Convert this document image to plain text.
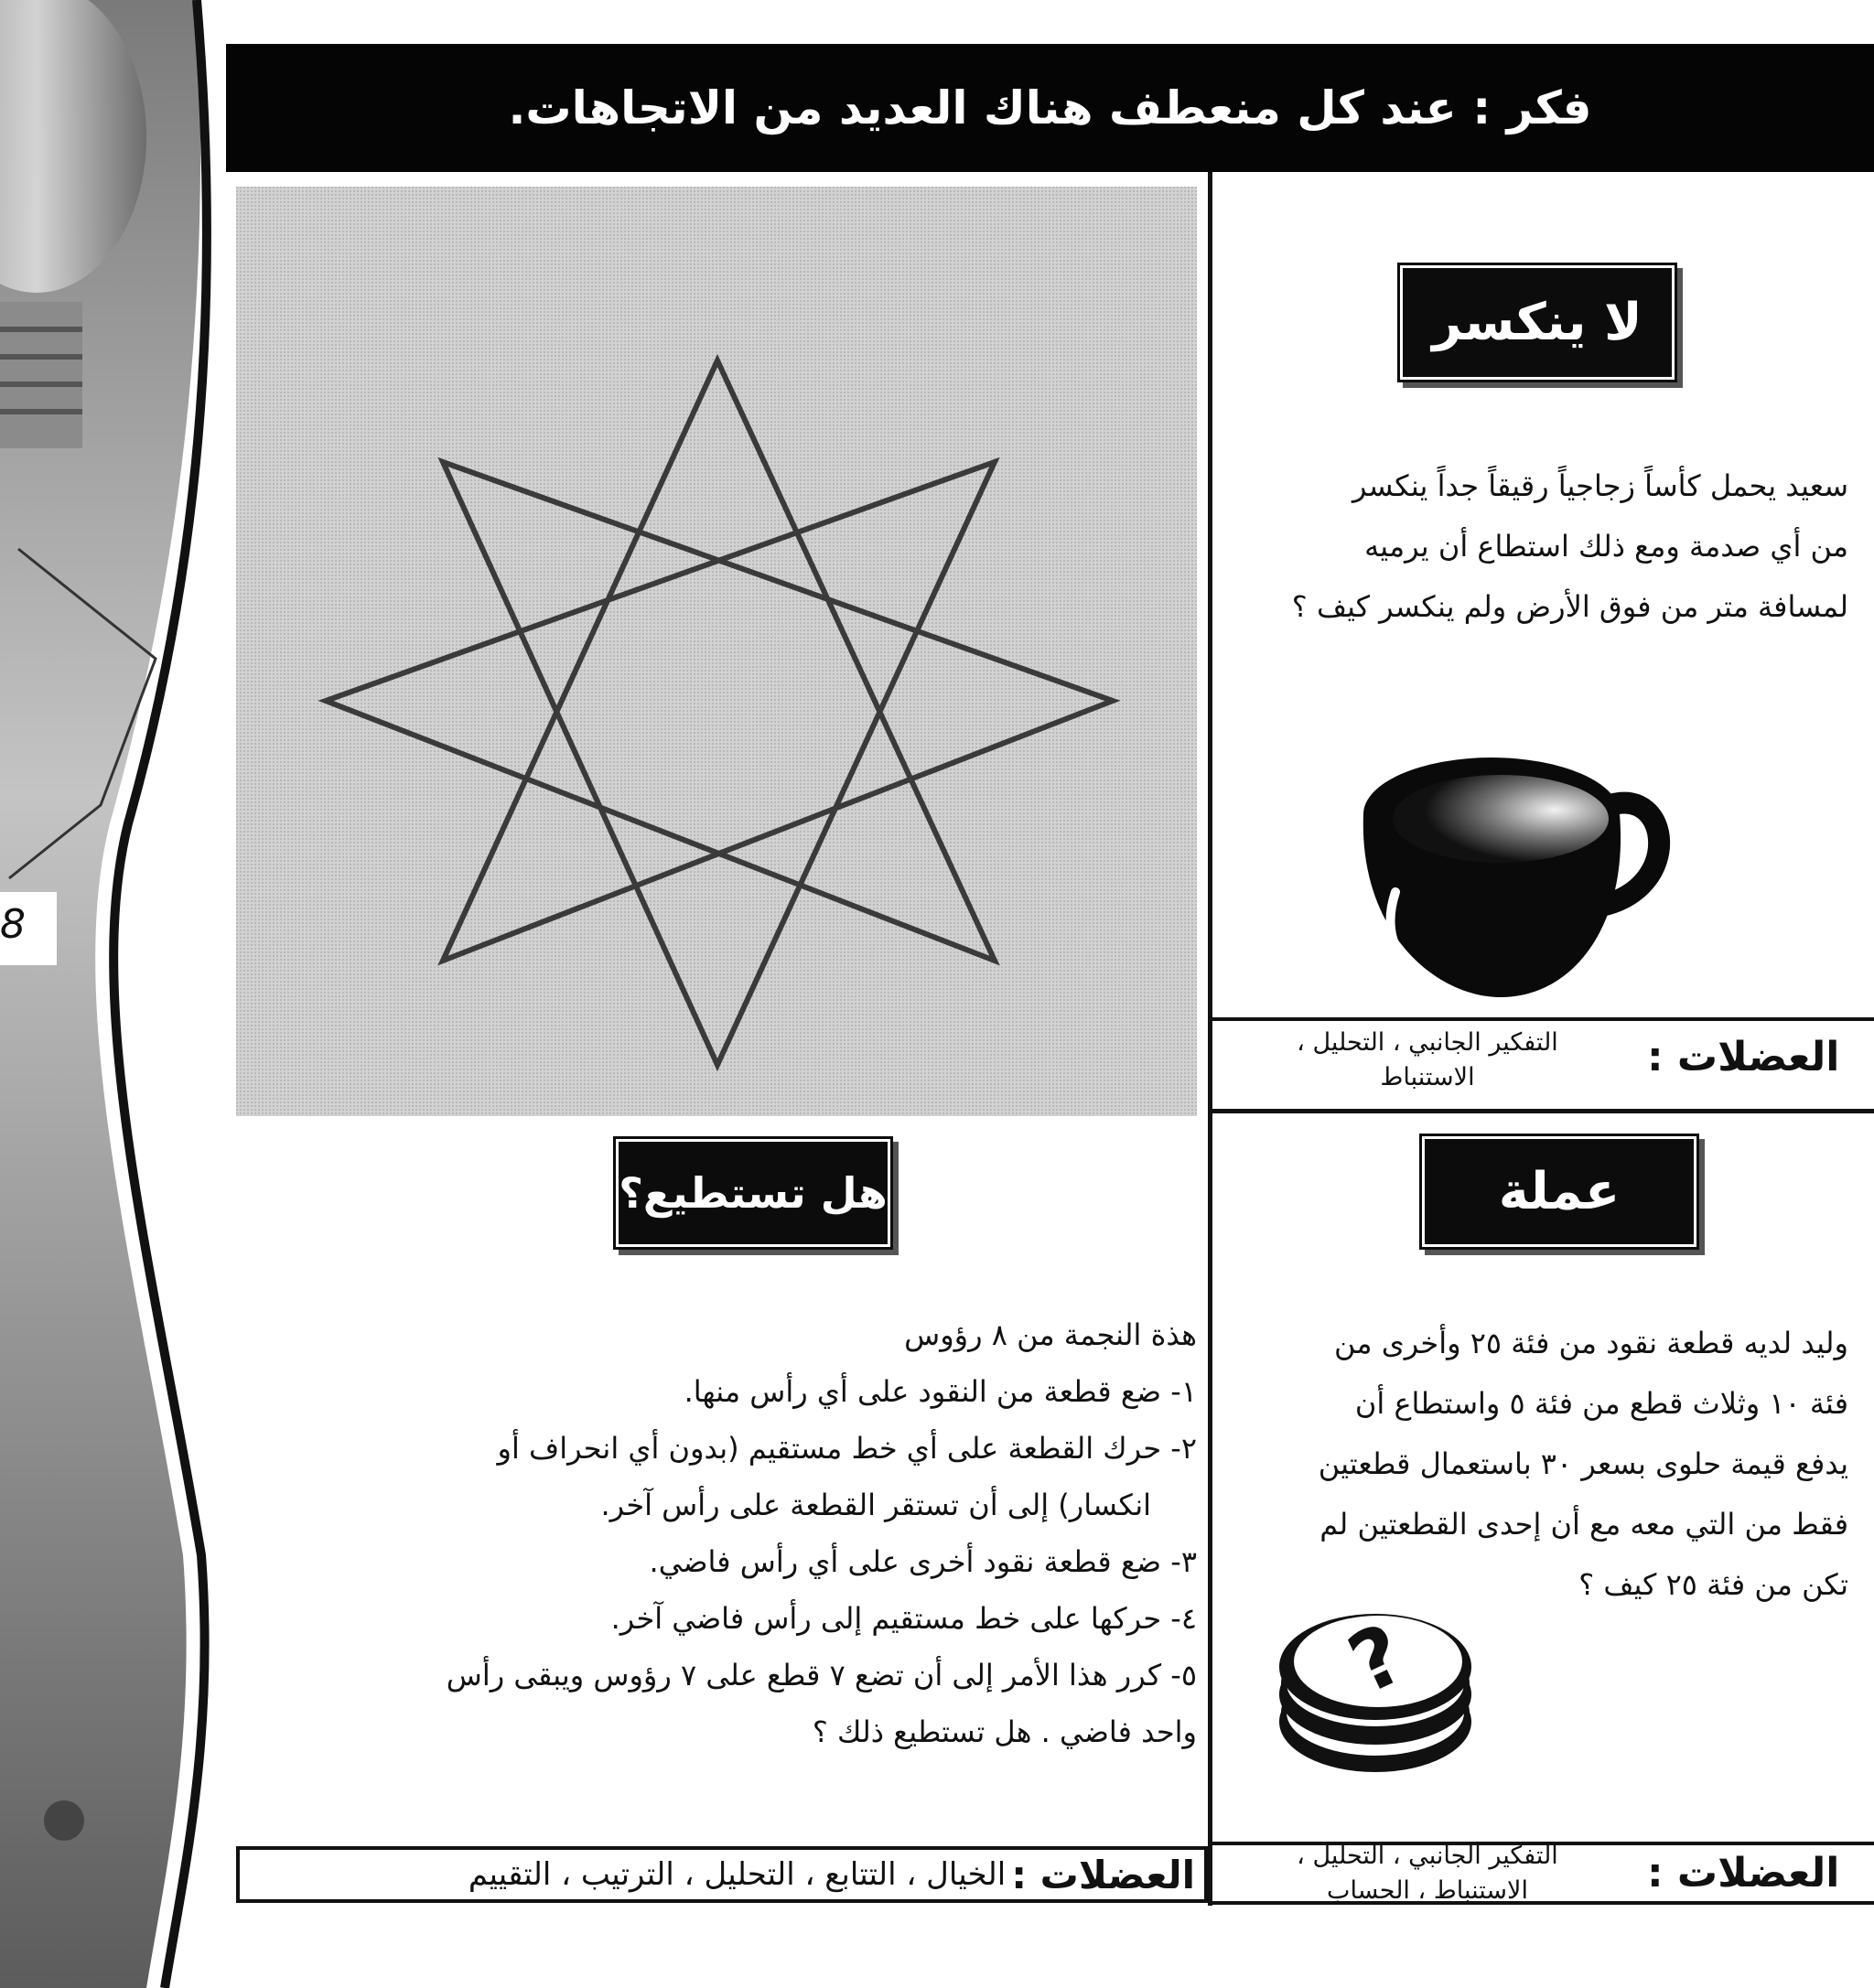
8
فكر : عند كل منعطف هناك العديد من الاتجاهات.
لا ينكسر

سعيد يحمل كأساً زجاجياً رقيقاً جداً ينكسر

من أي صدمة ومع ذلك استطاع أن يرميه

لمسافة متر من فوق الأرض ولم ينكسر كيف ؟

العضلات :
التفكير الجانبي ، التحليل ،
الاستنباط
عملة

وليد لديه قطعة نقود من فئة ٢٥ وأخرى من

فئة ١٠ وثلاث قطع من فئة ٥ واستطاع أن

يدفع قيمة حلوى بسعر ٣٠ باستعمال قطعتين

فقط من التي معه مع أن إحدى القطعتين لم

تكن من فئة ٢٥ كيف ؟

?
العضلات :
التفكير الجانبي ، التحليل ،
الاستنباط ، الحساب
هل تستطيع؟

هذة النجمة من ٨ رؤوس

١- ضع قطعة من النقود على أي رأس منها.

٢- حرك القطعة على أي خط مستقيم (بدون أي انحراف أو

انكسار) إلى أن تستقر القطعة على رأس آخر.

٣- ضع قطعة نقود أخرى على أي رأس فاضي.

٤- حركها على خط مستقيم إلى رأس فاضي آخر.

٥- كرر هذا الأمر إلى أن تضع ٧ قطع على ٧ رؤوس ويبقى رأس

واحد فاضي . هل تستطيع ذلك ؟

العضلات :
الخيال ، التتابع ، التحليل ، الترتيب ، التقييم
